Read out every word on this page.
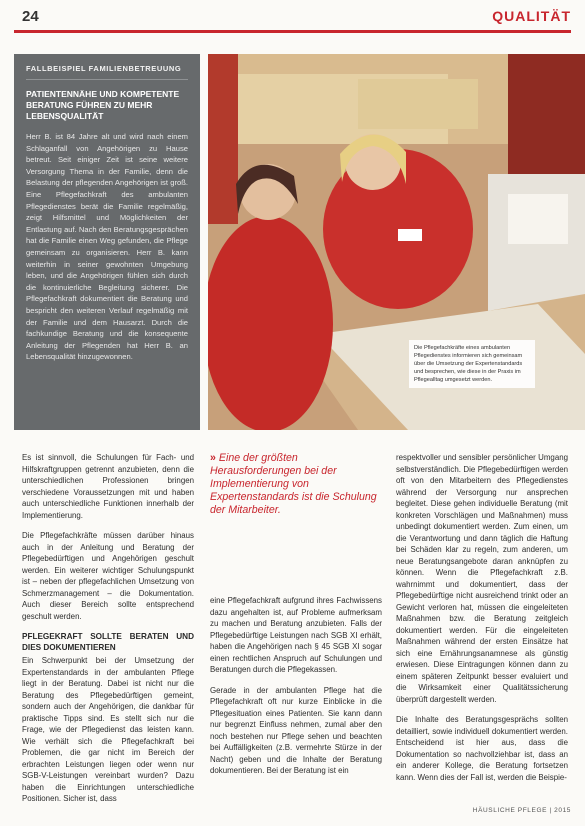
24	QUALITÄT
FALLBEISPIEL FAMILIENBETREUUNG
PATIENTENNÄHE UND KOMPETENTE BERATUNG FÜHREN ZU MEHR LEBENSQUALITÄT
Herr B. ist 84 Jahre alt und wird nach einem Schlaganfall von Angehörigen zu Hause betreut. Seit einiger Zeit ist seine weitere Versorgung Thema in der Familie, denn die Belastung der pflegenden Angehörigen ist groß. Eine Pflegefachkraft des ambulanten Pflegedienstes berät die Familie regelmäßig, zeigt Hilfsmittel und Möglichkeiten der Entlastung auf. Nach den Beratungsgesprächen hat die Familie einen Weg gefunden, die Pflege gemeinsam zu organisieren. Herr B. kann weiterhin in seiner gewohnten Umgebung leben, und die Angehörigen fühlen sich durch die kontinuierliche Begleitung sicherer. Die Pflegefachkraft dokumentiert die Beratung und bespricht den weiteren Verlauf regelmäßig mit der Familie und dem Hausarzt. Durch die fachkundige Beratung und die konsequente Anleitung der Pflegenden hat Herr B. an Lebensqualität hinzugewonnen.
Die Pflegefachkräfte eines ambulanten Pflegedienstes informieren sich gemeinsam über die Umsetzung der Expertenstandards und besprechen, wie diese in der Praxis im Pflegealltag umgesetzt werden.

Es ist sinnvoll, die Schulungen für Fach- und Hilfskraftgruppen getrennt anzubieten, denn die unterschiedlichen Professionen bringen verschiedene Voraussetzungen mit und haben auch unterschiedliche Funktionen innerhalb der Implementierung.

Die Pflegefachkräfte müssen darüber hinaus auch in der Anleitung und Beratung der Pflegebedürftigen und Angehörigen geschult werden. Ein weiterer wichtiger Schulungspunkt ist – neben der pflegefachlichen Umsetzung von Schmerzmanagement – die Dokumentation. Auch dieser Bereich sollte entsprechend geschult werden.

PFLEGEKRAFT SOLLTE BERATEN UND DIES DOKUMENTIEREN

Ein Schwerpunkt bei der Umsetzung der Expertenstandards in der ambulanten Pflege liegt in der Beratung. Dabei ist nicht nur die Beratung des Pflegebedürftigen gemeint, sondern auch der Angehörigen, die dankbar für praktische Tipps sind. Es stellt sich nur die Frage, wie der Pflegedienst das leisten kann. Wie verhält sich die Pflegefachkraft bei Problemen, die gar nicht im Bereich der erbrachten Leistungen liegen oder wenn nur SGB-V-Leistungen vereinbart wurden? Dazu haben die Einrichtungen unterschiedliche Positionen. Sicher ist, dass

» Eine der größten Herausforderungen bei der Implementierung von Expertenstandards ist die Schulung der Mitarbeiter.

eine Pflegefachkraft aufgrund ihres Fachwissens dazu angehalten ist, auf Probleme aufmerksam zu machen und Beratung anzubieten. Falls der Pflegebedürftige Leistungen nach SGB XI erhält, haben die Angehörigen nach § 45 SGB XI sogar einen rechtlichen Anspruch auf Schulungen und Beratungen durch die Pflegekassen.

Gerade in der ambulanten Pflege hat die Pflegefachkraft oft nur kurze Einblicke in die Pflegesituation eines Patienten. Sie kann dann nur begrenzt Einfluss nehmen, zumal aber den noch bestehen nur Pflege sehen und beachten bei Auffälligkeiten (z.B. vermehrte Stürze in der Nacht) geben und die Inhalte der Beratung dokumentieren. Bei der Beratung ist ein

respektvoller und sensibler persönlicher Umgang selbstverständlich. Die Pflegebedürftigen werden oft von den Mitarbeitern des Pflegedienstes während der Versorgung nur ansprechen begleitet. Diese gehen individuelle Beratung (mit konkreten Vorschlägen und Maßnahmen) muss unbedingt dokumentiert werden. Zum einen, um die Verantwortung und dann täglich die Haftung bei Schäden klar zu regeln, zum anderen, um neue Beratungsangebote daran anknüpfen zu können. Wenn die Pflegefachkraft z.B. wahrnimmt und dokumentiert, dass der Pflegebedürftige nicht ausreichend trinkt oder an Gewicht verloren hat, müssen die eingeleiteten Maßnahmen bzw. die Beratung zeitgleich dokumentiert werden. Für die eingeleiteten Maßnahmen während der ersten Einsätze hat sich eine Ernährungsanamnese als günstig erwiesen. Diese Eintragungen können dann zu einem späteren Zeitpunkt besser evaluiert und die Wirksamkeit einer Qualitätssicherung überprüft dargestellt werden.

Die Inhalte des Beratungsgesprächs sollten detailliert, sowie individuell dokumentiert werden. Entscheidend ist hier aus, dass die Dokumentation so nachvollziehbar ist, dass an ein anderer Kollege, die Beratung fortsetzen kann. Wenn dies der Fall ist, werden die Beispie-

HÄUSLICHE PFLEGE | 2015
